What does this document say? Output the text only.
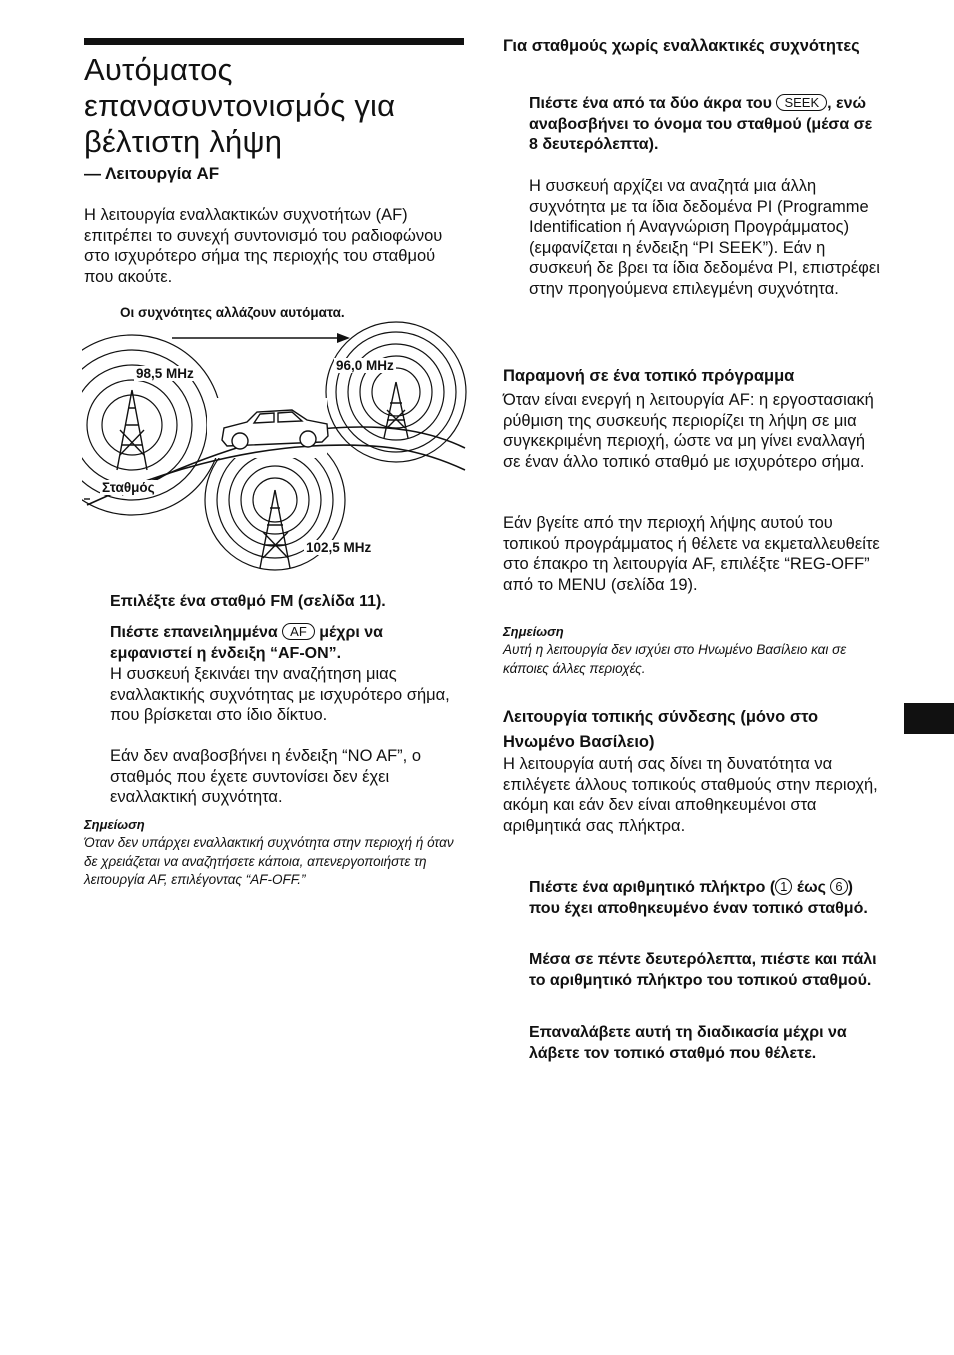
Αυτόματος επανασυντονισμός για βέλτιστη λήψη
— Λειτουργία AF
Η λειτουργία εναλλακτικών συχνοτήτων (AF) επιτρέπει το συνεχή συντονισμό του ραδιοφώνου στο ισχυρότερο σήμα της περιοχής του σταθμού που ακούτε.
Οι συχνότητες αλλάζουν αυτόματα.
98,5 MHz
96,0 MHz
102,5 MHz
Σταθμός
Επιλέξτε ένα σταθμό FM (σελίδα 11).
Πιέστε επανειλημμένα AF μέχρι να εμφανιστεί η ένδειξη “AF-ON”.
Η συσκευή ξεκινάει την αναζήτηση μιας εναλλακτικής συχνότητας με ισχυρότερο σήμα, που βρίσκεται στο ίδιο δίκτυο.
Εάν δεν αναβοσβήνει η ένδειξη “NO AF”, ο σταθμός που έχετε συντονίσει δεν έχει εναλλακτική συχνότητα.
Σημείωση
Όταν δεν υπάρχει εναλλακτική συχνότητα στην περιοχή ή όταν δε χρειάζεται να αναζητήσετε κάποια, απενεργοποιήστε τη λειτουργία AF, επιλέγοντας “AF-OFF.”
Για σταθμούς χωρίς εναλλακτικές συχνότητες
Πιέστε ένα από τα δύο άκρα του SEEK , ενώ αναβοσβήνει το όνομα του σταθμού (μέσα σε 8 δευτερόλεπτα).
Η συσκευή αρχίζει να αναζητά μια άλλη συχνότητα με τα ίδια δεδομένα PI (Programme Identification ή Αναγνώριση Προγράμματος) (εμφανίζεται η ένδειξη “PI SEEK”). Εάν η συσκευή δε βρει τα ίδια δεδομένα PI, επιστρέφει στην προηγούμενα επιλεγμένη συχνότητα.
Παραμονή σε ένα τοπικό πρόγραμμα
Όταν είναι ενεργή η λειτουργία AF: η εργοστασιακή ρύθμιση της συσκευής περιορίζει τη λήψη σε μια συγκεκριμένη περιοχή, ώστε να μη γίνει εναλλαγή σε έναν άλλο τοπικό σταθμό με ισχυρότερο σήμα.
Εάν βγείτε από την περιοχή λήψης αυτού του τοπικού προγράμματος ή θέλετε να εκμεταλλευθείτε στο έπακρο τη λειτουργία AF, επιλέξτε “REG-OFF” από το MENU (σελίδα 19).
Σημείωση
Αυτή η λειτουργία δεν ισχύει στο Ηνωμένο Βασίλειο και σε κάποιες άλλες περιοχές.
Λειτουργία τοπικής σύνδεσης (μόνο στο Ηνωμένο Βασίλειο)
Η λειτουργία αυτή σας δίνει τη δυνατότητα να επιλέγετε άλλους τοπικούς σταθμούς στην περιοχή, ακόμη και εάν δεν είναι αποθηκευμένοι στα αριθμητικά σας πλήκτρα.
Πιέστε ένα αριθμητικό πλήκτρο ( 1 έως 6 ) που έχει αποθηκευμένο έναν τοπικό σταθμό.
Μέσα σε πέντε δευτερόλεπτα, πιέστε και πάλι το αριθμητικό πλήκτρο του τοπικού σταθμού.
Επαναλάβετε αυτή τη διαδικασία μέχρι να λάβετε τον τοπικό σταθμό που θέλετε.
